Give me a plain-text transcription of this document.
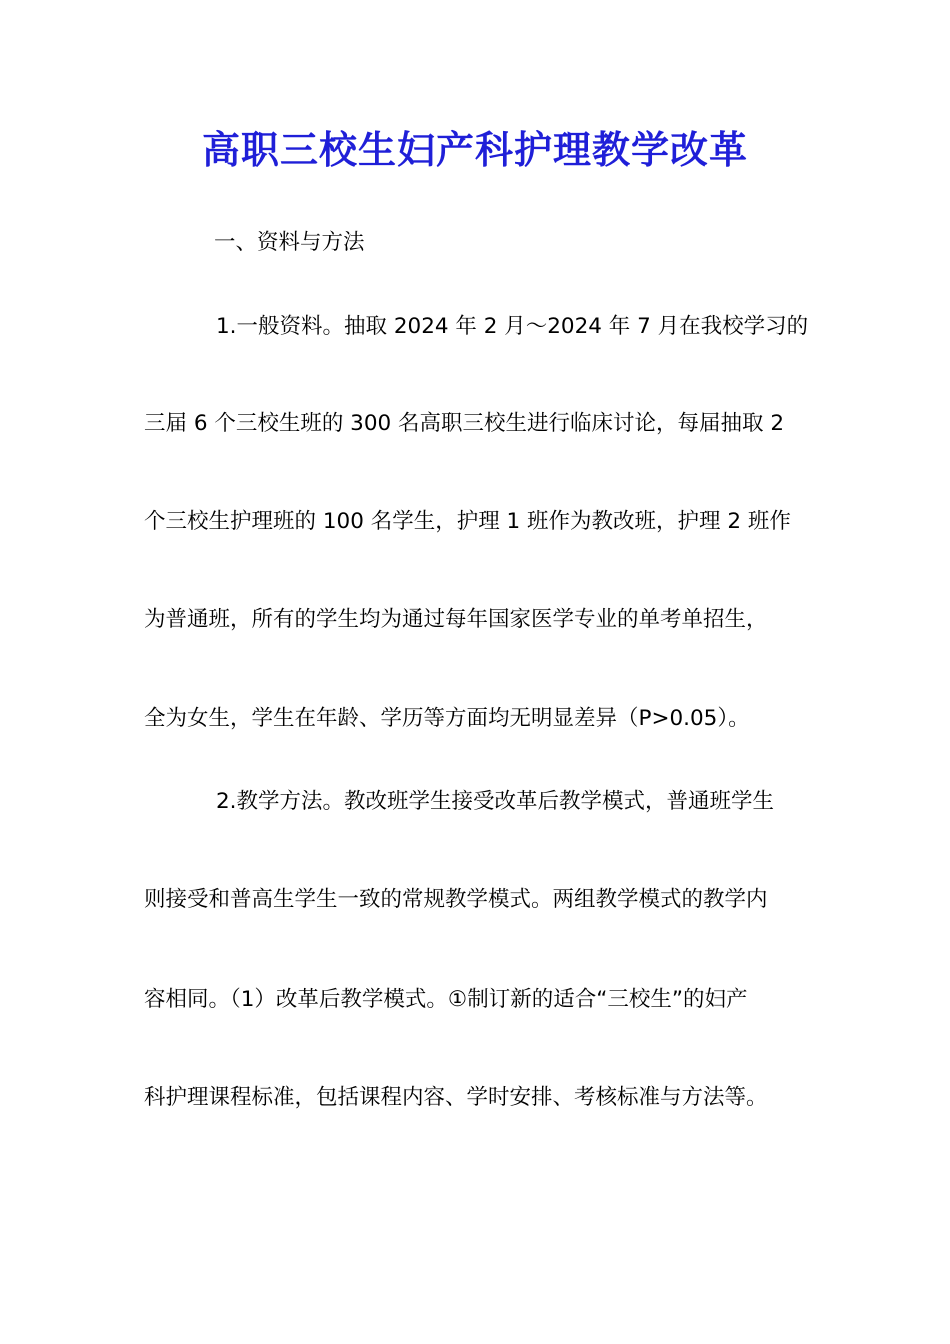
高职三校生妇产科护理教学改革
一、资料与方法
1.一般资料。抽取 2024 年 2 月～2024 年 7 月在我校学习的
三届 6 个三校生班的 300 名高职三校生进行临床讨论，每届抽取 2
个三校生护理班的 100 名学生，护理 1 班作为教改班，护理 2 班作
为普通班，所有的学生均为通过每年国家医学专业的单考单招生，
全为女生，学生在年龄、学历等方面均无明显差异（P>0.05）。
2.教学方法。教改班学生接受改革后教学模式，普通班学生
则接受和普高生学生一致的常规教学模式。两组教学模式的教学内
容相同。（1）改革后教学模式。①制订新的适合“三校生”的妇产
科护理课程标准，包括课程内容、学时安排、考核标准与方法等。
